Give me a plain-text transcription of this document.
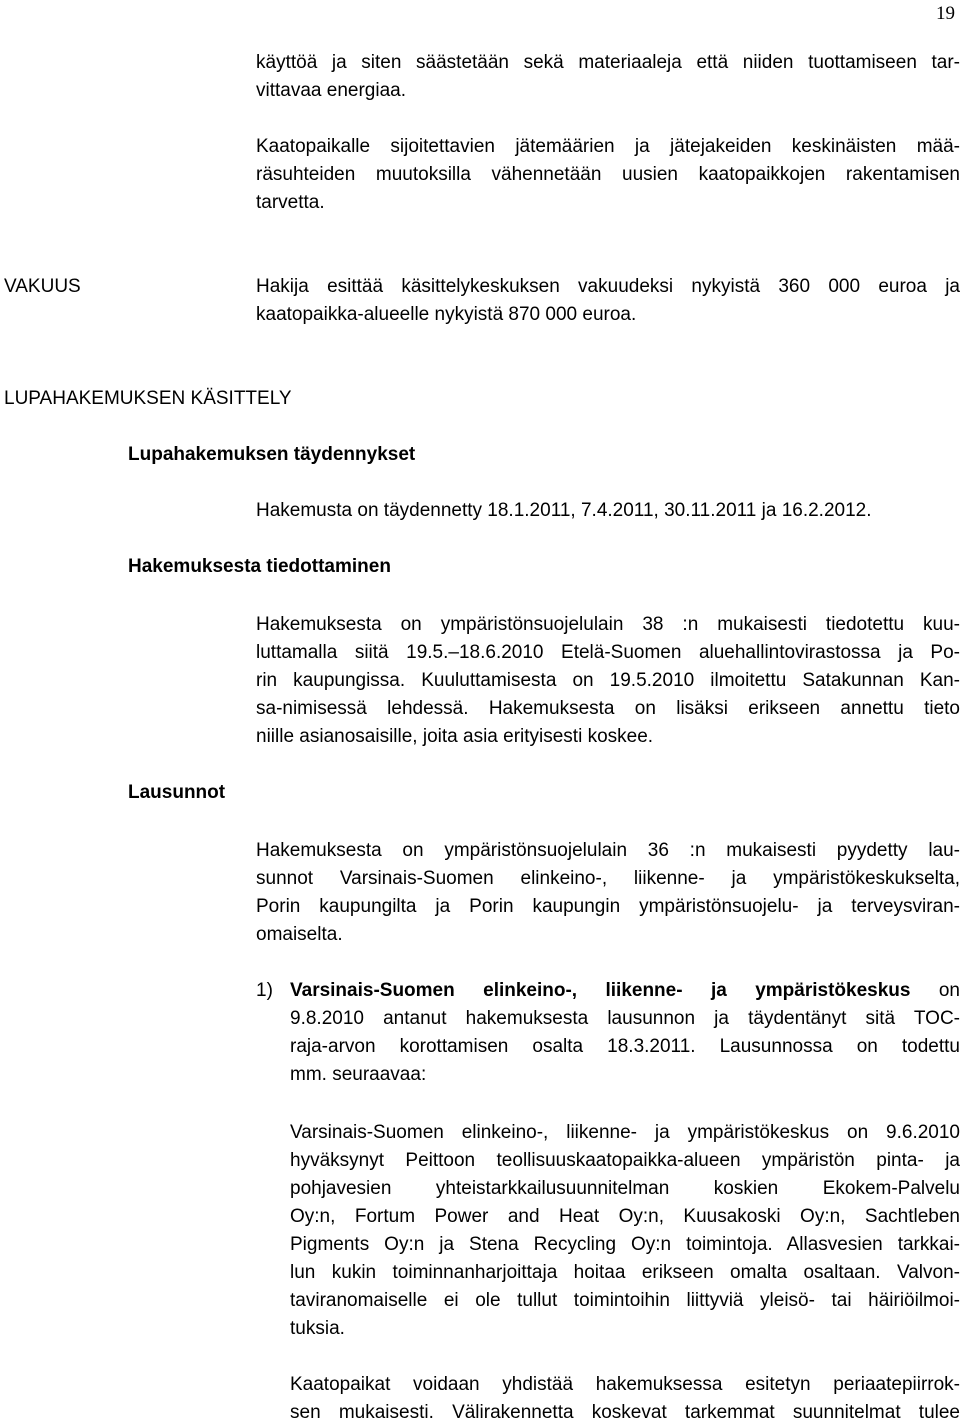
19
käyttöä ja siten säästetään sekä materiaaleja että niiden tuottamiseen tar-
vittavaa energiaa.
Kaatopaikalle sijoitettavien jätemäärien ja jätejakeiden keskinäisten mää-
räsuhteiden muutoksilla vähennetään uusien kaatopaikkojen rakentamisen
tarvetta.
VAKUUS	Hakija esittää käsittelykeskuksen vakuudeksi nykyistä 360 000 euroa ja
kaatopaikka-alueelle nykyistä 870 000 euroa.
LUPAHAKEMUKSEN KÄSITTELY
Lupahakemuksen täydennykset
Hakemusta on täydennetty 18.1.2011, 7.4.2011, 30.11.2011 ja 16.2.2012.
Hakemuksesta tiedottaminen
Hakemuksesta on ympäristönsuojelulain 38 :n mukaisesti tiedotettu kuu-
luttamalla siitä 19.5.–18.6.2010 Etelä-Suomen aluehallintovirastossa ja Po-
rin kaupungissa. Kuuluttamisesta on 19.5.2010 ilmoitettu Satakunnan Kan-
sa-nimisessä lehdessä. Hakemuksesta on lisäksi erikseen annettu tieto
niille asianosaisille, joita asia erityisesti koskee.
Lausunnot
Hakemuksesta on ympäristönsuojelulain 36 :n mukaisesti pyydetty lau-
sunnot Varsinais-Suomen elinkeino-, liikenne- ja ympäristökeskukselta,
Porin kaupungilta ja Porin kaupungin ympäristönsuojelu- ja terveysviran-
omaiselta.
1) Varsinais-Suomen elinkeino-, liikenne- ja ympäristökeskus on
9.8.2010 antanut hakemuksesta lausunnon ja täydentänyt sitä TOC-
raja-arvon korottamisen osalta 18.3.2011. Lausunnossa on todettu
mm. seuraavaa:
Varsinais-Suomen elinkeino-, liikenne- ja ympäristökeskus on 9.6.2010
hyväksynyt Peittoon teollisuuskaatopaikka-alueen ympäristön pinta- ja
pohjavesien yhteistarkkailusuunnitelman koskien Ekokem-Palvelu
Oy:n, Fortum Power and Heat Oy:n, Kuusakoski Oy:n, Sachtleben
Pigments Oy:n ja Stena Recycling Oy:n toimintoja. Allasvesien tarkkai-
lun kukin toiminnanharjoittaja hoitaa erikseen omalta osaltaan. Valvon-
taviranomaiselle ei ole tullut toimintoihin liittyviä yleisö- tai häiriöilmoi-
tuksia.
Kaatopaikat voidaan yhdistää hakemuksessa esitetyn periaatepiirrok-
sen mukaisesti. Välirakennetta koskevat tarkemmat suunnitelmat tulee
